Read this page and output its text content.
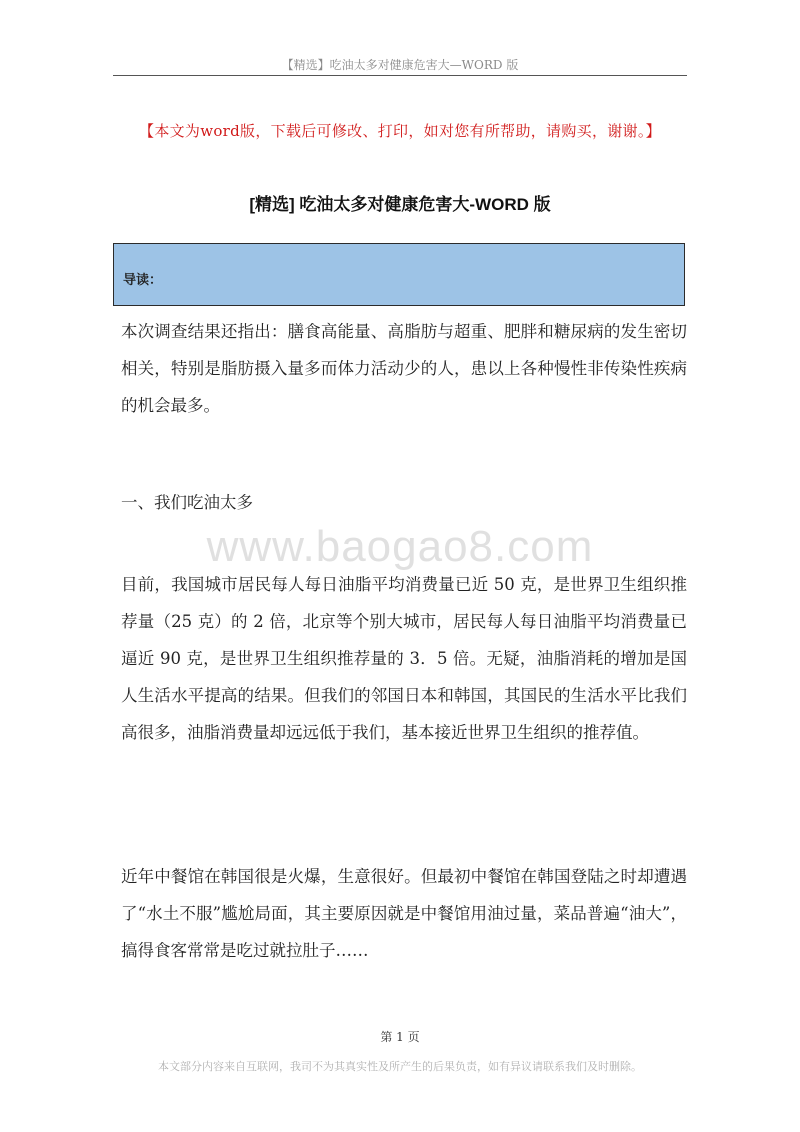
【精选】吃油太多对健康危害大—WORD 版
【本文为word版，下载后可修改、打印，如对您有所帮助，请购买，谢谢。】
[精选] 吃油太多对健康危害大-WORD 版
导读：

本次调查结果还指出：膳食高能量、高脂肪与超重、肥胖和糖尿病的发生密切相关，特别是脂肪摄入量多而体力活动少的人，患以上各种慢性非传染性疾病的机会最多。

一、我们吃油太多

www.baogao8.com

目前，我国城市居民每人每日油脂平均消费量已近 50 克，是世界卫生组织推荐量（25 克）的 2 倍，北京等个别大城市，居民每人每日油脂平均消费量已逼近 90 克，是世界卫生组织推荐量的 3．5 倍。无疑，油脂消耗的增加是国人生活水平提高的结果。但我们的邻国日本和韩国，其国民的生活水平比我们高很多，油脂消费量却远远低于我们，基本接近世界卫生组织的推荐值。

近年中餐馆在韩国很是火爆，生意很好。但最初中餐馆在韩国登陆之时却遭遇了“水土不服”尴尬局面，其主要原因就是中餐馆用油过量，菜品普遍“油大”，搞得食客常常是吃过就拉肚子……

第 1 页
本文部分内容来自互联网，我司不为其真实性及所产生的后果负责，如有异议请联系我们及时删除。
